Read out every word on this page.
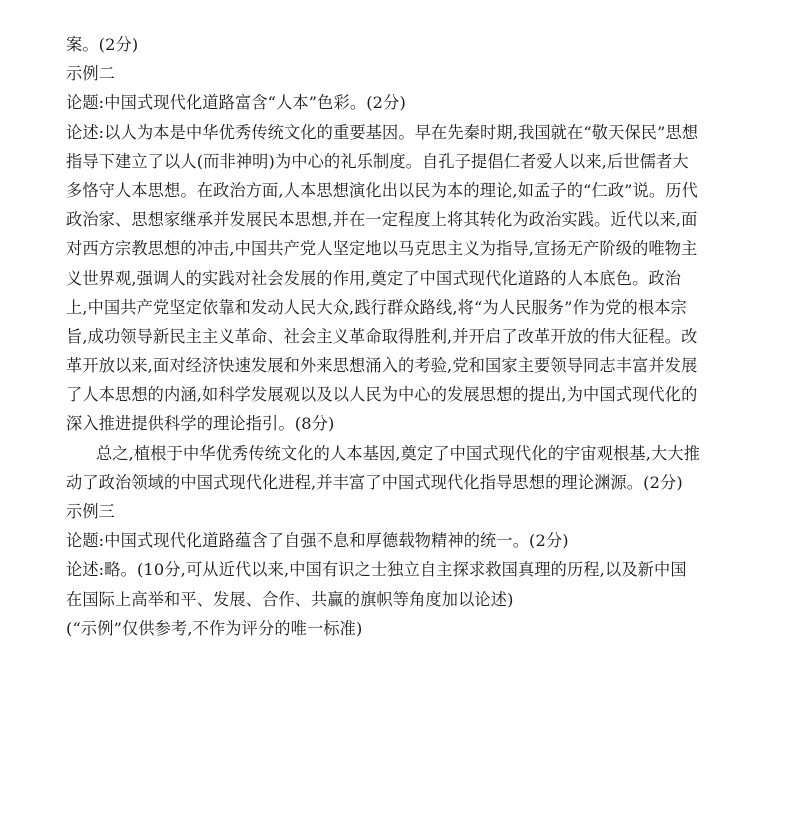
案。(2分)
示例二
论题:中国式现代化道路富含“人本”色彩。(2分)
论述:以人为本是中华优秀传统文化的重要基因。早在先秦时期,我国就在“敬天保民”思想
指导下建立了以人(而非神明)为中心的礼乐制度。自孔子提倡仁者爱人以来,后世儒者大
多恪守人本思想。在政治方面,人本思想演化出以民为本的理论,如孟子的“仁政”说。历代
政治家、思想家继承并发展民本思想,并在一定程度上将其转化为政治实践。近代以来,面
对西方宗教思想的冲击,中国共产党人坚定地以马克思主义为指导,宣扬无产阶级的唯物主
义世界观,强调人的实践对社会发展的作用,奠定了中国式现代化道路的人本底色。政治
上,中国共产党坚定依靠和发动人民大众,践行群众路线,将“为人民服务”作为党的根本宗
旨,成功领导新民主主义革命、社会主义革命取得胜利,并开启了改革开放的伟大征程。改
革开放以来,面对经济快速发展和外来思想涌入的考验,党和国家主要领导同志丰富并发展
了人本思想的内涵,如科学发展观以及以人民为中心的发展思想的提出,为中国式现代化的
深入推进提供科学的理论指引。(8分)
总之,植根于中华优秀传统文化的人本基因,奠定了中国式现代化的宇宙观根基,大大推
动了政治领域的中国式现代化进程,并丰富了中国式现代化指导思想的理论渊源。(2分)
示例三
论题:中国式现代化道路蕴含了自强不息和厚德载物精神的统一。(2分)
论述:略。(10分,可从近代以来,中国有识之士独立自主探求救国真理的历程,以及新中国
在国际上高举和平、发展、合作、共赢的旗帜等角度加以论述)
(“示例”仅供参考,不作为评分的唯一标准)
